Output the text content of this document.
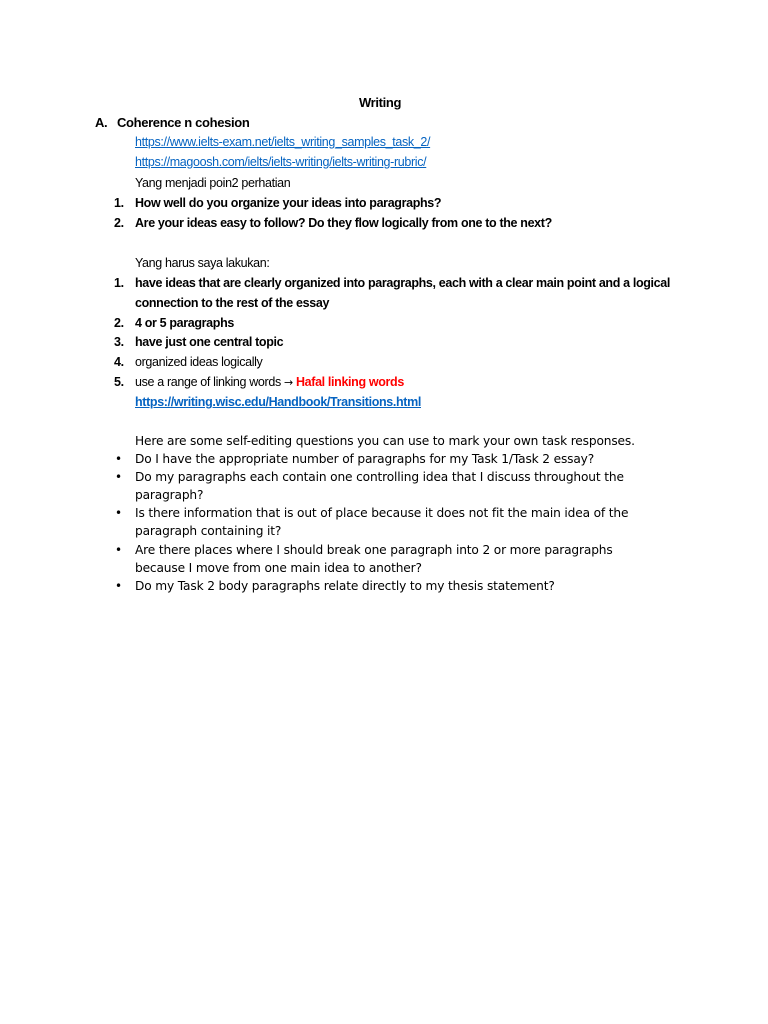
Writing
A. Coherence n cohesion
https://www.ielts-exam.net/ielts_writing_samples_task_2/
https://magoosh.com/ielts/ielts-writing/ielts-writing-rubric/
Yang menjadi poin2 perhatian
1. How well do you organize your ideas into paragraphs?
2. Are your ideas easy to follow? Do they flow logically from one to the next?
Yang harus saya lakukan:
1. have ideas that are clearly organized into paragraphs, each with a clear main point and a logical
connection to the rest of the essay
2. 4 or 5 paragraphs
3. have just one central topic
4. organized ideas logically
5. use a range of linking words → Hafal linking words
https://writing.wisc.edu/Handbook/Transitions.html
Here are some self-editing questions you can use to mark your own task responses.
• Do I have the appropriate number of paragraphs for my Task 1/Task 2 essay?
• Do my paragraphs each contain one controlling idea that I discuss throughout the
paragraph?
• Is there information that is out of place because it does not fit the main idea of the
paragraph containing it?
• Are there places where I should break one paragraph into 2 or more paragraphs
because I move from one main idea to another?
• Do my Task 2 body paragraphs relate directly to my thesis statement?
